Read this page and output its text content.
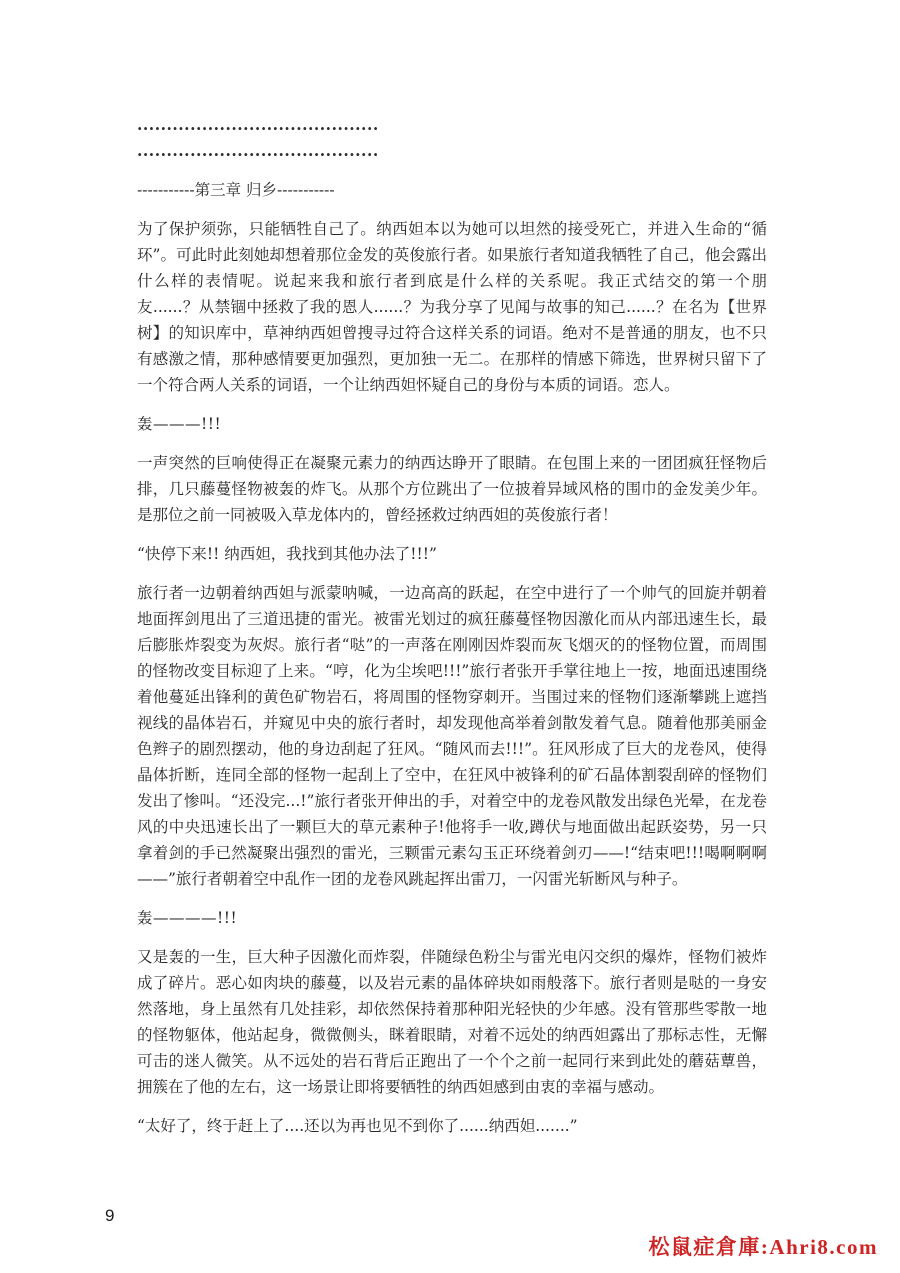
.........................................

.........................................

-----------第三章 归乡-----------

为了保护须弥，只能牺牲自己了。纳西妲本以为她可以坦然的接受死亡，并进入生命的“循环”。可此时此刻她却想着那位金发的英俊旅行者。如果旅行者知道我牺牲了自己，他会露出什么样的表情呢。说起来我和旅行者到底是什么样的关系呢。我正式结交的第一个朋友......？从禁锢中拯救了我的恩人......？为我分享了见闻与故事的知己......？在名为【世界树】的知识库中，草神纳西妲曾搜寻过符合这样关系的词语。绝对不是普通的朋友，也不只有感激之情，那种感情要更加强烈，更加独一无二。在那样的情感下筛选，世界树只留下了一个符合两人关系的词语，一个让纳西妲怀疑自己的身份与本质的词语。恋人。

轰———!!!

一声突然的巨响使得正在凝聚元素力的纳西达睁开了眼睛。在包围上来的一团团疯狂怪物后排，几只藤蔓怪物被轰的炸飞。从那个方位跳出了一位披着异域风格的围巾的金发美少年。是那位之前一同被吸入草龙体内的，曾经拯救过纳西妲的英俊旅行者！

“快停下来!! 纳西妲，我找到其他办法了!!!”

旅行者一边朝着纳西妲与派蒙呐喊，一边高高的跃起，在空中进行了一个帅气的回旋并朝着地面挥剑甩出了三道迅捷的雷光。被雷光划过的疯狂藤蔓怪物因激化而从内部迅速生长，最后膨胀炸裂变为灰烬。旅行者“哒”的一声落在刚刚因炸裂而灰飞烟灭的的怪物位置，而周围的怪物改变目标迎了上来。“哼，化为尘埃吧!!!”旅行者张开手掌往地上一按，地面迅速围绕着他蔓延出锋利的黄色矿物岩石，将周围的怪物穿刺开。当围过来的怪物们逐渐攀跳上遮挡视线的晶体岩石，并窥见中央的旅行者时，却发现他高举着剑散发着气息。随着他那美丽金色辫子的剧烈摆动，他的身边刮起了狂风。“随风而去!!!”。狂风形成了巨大的龙卷风，使得晶体折断，连同全部的怪物一起刮上了空中，在狂风中被锋利的矿石晶体割裂刮碎的怪物们发出了惨叫。“还没完...!”旅行者张开伸出的手，对着空中的龙卷风散发出绿色光晕，在龙卷风的中央迅速长出了一颗巨大的草元素种子!他将手一收,蹲伏与地面做出起跃姿势，另一只拿着剑的手已然凝聚出强烈的雷光，三颗雷元素勾玉正环绕着剑刃——!“结束吧!!!喝啊啊啊——”旅行者朝着空中乱作一团的龙卷风跳起挥出雷刀，一闪雷光斩断风与种子。

轰————!!!

又是轰的一生，巨大种子因激化而炸裂，伴随绿色粉尘与雷光电闪交织的爆炸，怪物们被炸成了碎片。恶心如肉块的藤蔓，以及岩元素的晶体碎块如雨般落下。旅行者则是哒的一身安然落地，身上虽然有几处挂彩，却依然保持着那种阳光轻快的少年感。没有管那些零散一地的怪物躯体，他站起身，微微侧头，眯着眼睛，对着不远处的纳西妲露出了那标志性，无懈可击的迷人微笑。从不远处的岩石背后正跑出了一个个之前一起同行来到此处的蘑菇蕈兽，拥簇在了他的左右，这一场景让即将要牺牲的纳西妲感到由衷的幸福与感动。

“太好了，终于赶上了....还以为再也见不到你了......纳西妲.......”

9
松鼠症倉庫:Ahri8.com
